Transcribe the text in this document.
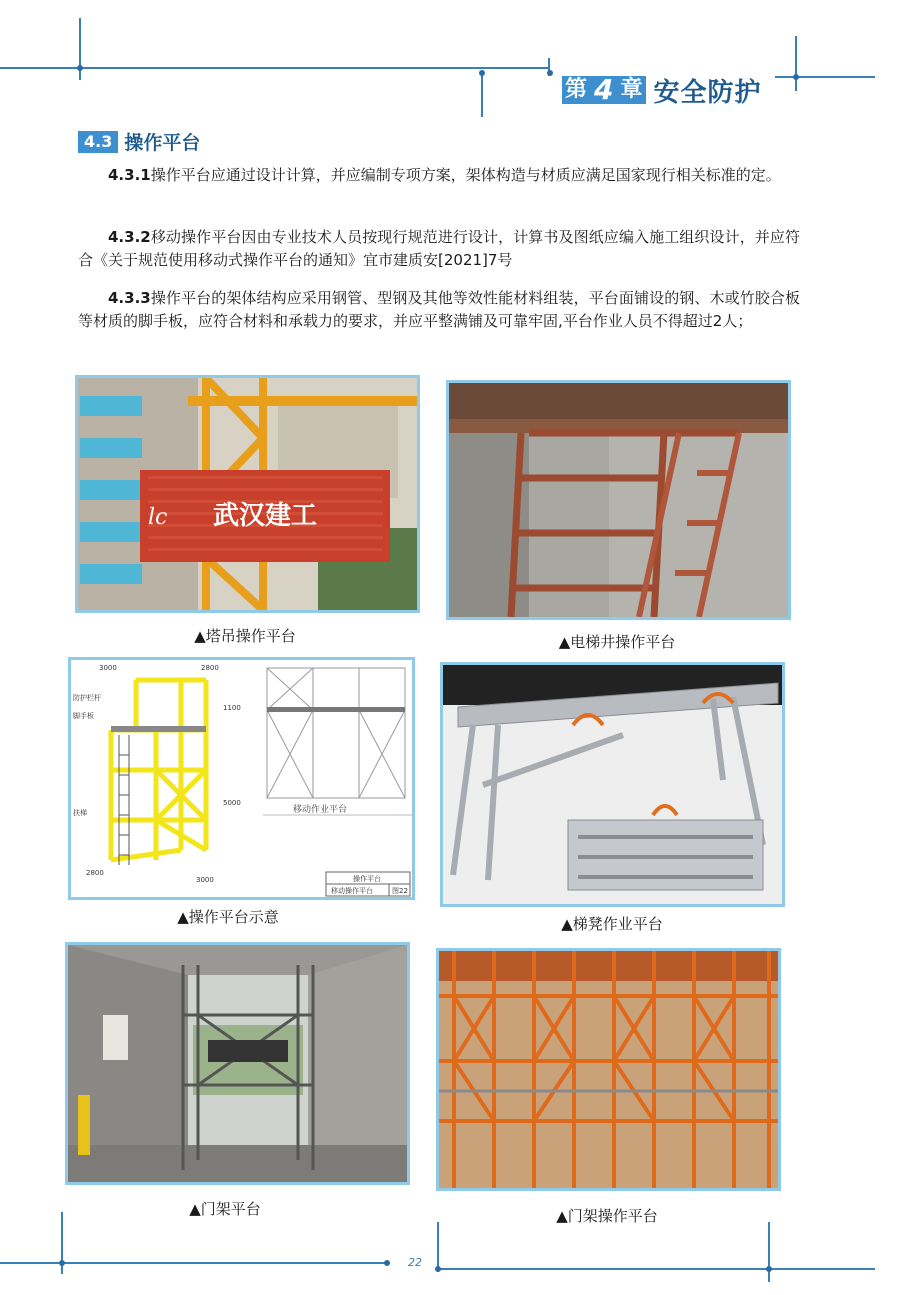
第 4 章 安全防护
4.3 操作平台

4.3.1操作平台应通过设计计算，并应编制专项方案，架体构造与材质应满足国家现行相关标准的定。

4.3.2移动操作平台因由专业技术人员按现行规范进行设计，计算书及图纸应编入施工组织设计，并应符合《关于规范使用移动式操作平台的通知》宜市建质安[2021]7号

4.3.3操作平台的架体结构应采用钢管、型钢及其他等效性能材料组装，平台面铺设的钢、木或竹胶合板等材质的脚手板，应符合材料和承载力的要求，并应平整满铺及可靠牢固,平台作业人员不得超过2人；

武汉建工
lc
▲塔吊操作平台	▲电梯井操作平台
3000	2800
1100
5000
2800
3000
防护栏杆
脚手板
扶梯	移动作业平台
操作平台
移动操作平台	图22
▲操作平台示意	▲梯凳作业平台
▲门架平台	▲门架操作平台
22
